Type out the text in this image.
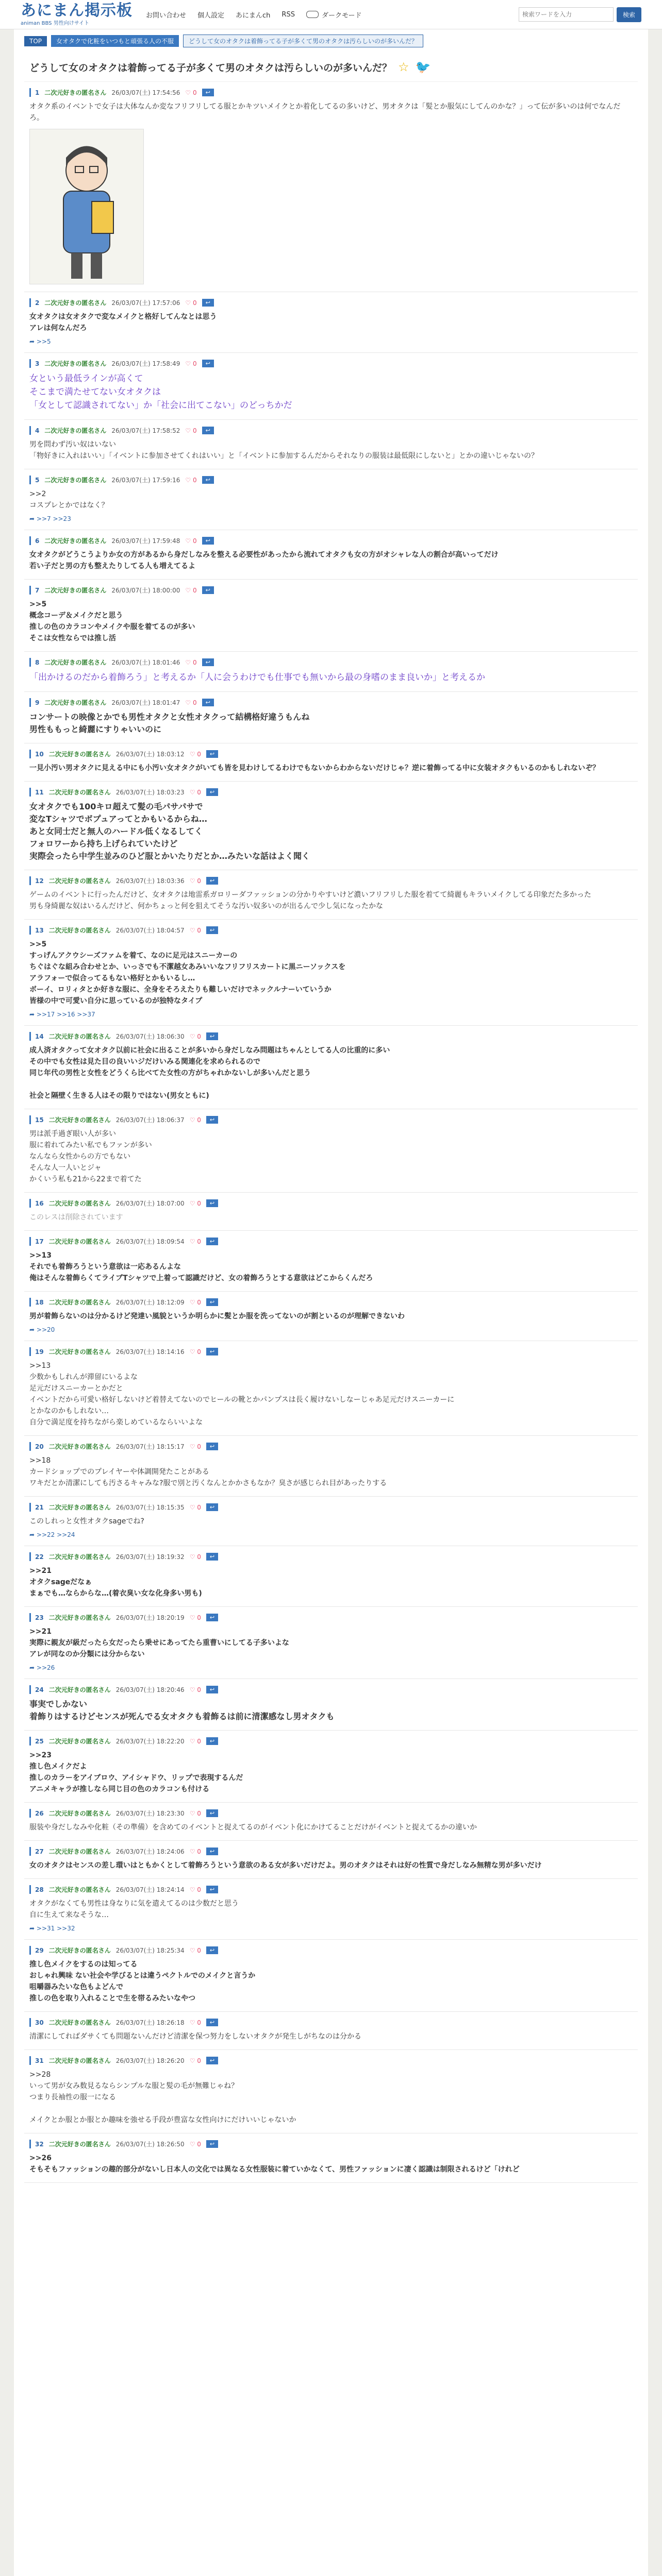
あにまん掲示板
animan BBS 男性向けサイト
お問い合わせ 個人設定 あにまんch RSS	ダークモード
検索ワードを入力	検索
TOP	女オタクで化粧をいつもと頑張る人の不服	どうして女のオタクは着飾ってる子が多くて男のオタクは汚らしいのが多いんだ？
どうして女のオタクは着飾ってる子が多くて男のオタクは汚らしいのが多いんだ？ ☆ 🐦
1 二次元好きの匿名さん 26/03/07(土) 17:54:56 ♡ 0	↩
オタク系のイベントで女子は大体なんか変なフリフリしてる服とかキツいメイクとか着化してるの多いけど、男オタクは「髪とか服気にしてんのかな？」って伝が多いのは何でなんだろ。
2 二次元好きの匿名さん 26/03/07(土) 17:57:06 ♡ 0	↩
女オタクは女オタクで変なメイクと格好してんなとは思う
アレは何なんだろ
➦ >>5
3 二次元好きの匿名さん 26/03/07(土) 17:58:49 ♡ 0	↩
女という最低ラインが高くて
そこまで満たせてない女オタクは
「女として認識されてない」か「社会に出てこない」のどっちかだ
4 二次元好きの匿名さん 26/03/07(土) 17:58:52 ♡ 0	↩
男を問わず汚い奴はいない
「物好きに入れはいい」「イベントに参加させてくれはいい」と「イベントに参加するんだからそれなりの服装は最低限にしないと」とかの違いじゃないの？
5 二次元好きの匿名さん 26/03/07(土) 17:59:16 ♡ 0	↩
>>2
コスプレとかではなく？
➦ >>7 >>23
6 二次元好きの匿名さん 26/03/07(土) 17:59:48 ♡ 0	↩
女オタクがどうこうよりか女の方があるから身だしなみを整える必要性があったから流れてオタクも女の方がオシャレな人の割合が高いってだけ
若い子だと男の方も整えたりしてる人も増えてるよ
7 二次元好きの匿名さん 26/03/07(土) 18:00:00 ♡ 0	↩
>>5
概念コーデ＆メイクだと思う
推しの色のカラコンやメイクや服を着てるのが多い
そこは女性ならでは推し活
8 二次元好きの匿名さん 26/03/07(土) 18:01:46 ♡ 0	↩
「出かけるのだから着飾ろう」と考えるか「人に会うわけでも仕事でも無いから最の身嗜のまま良いか」と考えるか
9 二次元好きの匿名さん 26/03/07(土) 18:01:47 ♡ 0	↩
コンサートの映像とかでも男性オタクと女性オタクって結構格好違うもんね
男性ももっと綺麗にすりゃいいのに
10 二次元好きの匿名さん 26/03/07(土) 18:03:12 ♡ 0	↩
一見小汚い男オタクに見える中にも小汚い女オタクがいても皆を見わけしてるわけでもないからわからないだけじゃ？逆に着飾ってる中に女装オタクもいるのかもしれないぞ？
11 二次元好きの匿名さん 26/03/07(土) 18:03:23 ♡ 0	↩
女オタクでも100キロ超えて髪の毛パサパサで
変なTシャツでボプュアってとかもいるからね…
あと女同士だと無人のハードル低くなるしてく
フォロワーから持ち上げられていたけど
実際会ったら中学生並みのひど服とかいたりだとか…みたいな話はよく聞く
12 二次元好きの匿名さん 26/03/07(土) 18:03:36 ♡ 0	↩
ゲームのイベントに行ったんだけど、女オタクは地雷系ガロリーダファッションの分かりやすいけど濃いフリフリした服を着てて綺麗もキラいメイクしてる印象だた多かった
男も身綺麗な奴はいるんだけど、何かちょっと何を狙えてそうな汚い奴多いのが出るんで少し気になったかな
13 二次元好きの匿名さん 26/03/07(土) 18:04:57 ♡ 0	↩
>>5
すっげんアクウシーズファムを着て、なのに足元はスニーカーの
ちぐはぐな組み合わせとか、いっさでも不潔越女あみいいなフリフリスカートに黒ニーソックスを
アラフォーで似合ってるもない格好とかもいるし…
ボーイ、ロリィタとか好きな服に、全身をそろえたりも難しいだけでネックルナーいていうか
皆様の中で可愛い自分に思っているのが独特なタイプ
➦ >>17 >>16 >>37
14 二次元好きの匿名さん 26/03/07(土) 18:06:30 ♡ 0	↩
成人済オタクって女オタク以前に社会に出ることが多いから身だしなみ問題はちゃんとしてる人の比重的に多い
その中でも女性は見た目の良いいジだけいみる関連化を求められるので
同じ年代の男性と女性をどうくら比べてた女性の方がちゃれかないしが多いんだと思う

社会と隔壁く生きる人はその限りではない(男女ともに)
15 二次元好きの匿名さん 26/03/07(土) 18:06:37 ♡ 0	↩
男は派手過ぎ眼い人が多い
服に着れてみたい私でもファンが多い
なんなら女性からの方でもない
そんな人一人いとジャ
かくいう私も21から22まで着てた
16 二次元好きの匿名さん 26/03/07(土) 18:07:00 ♡ 0	↩
このレスは削除されています
17 二次元好きの匿名さん 26/03/07(土) 18:09:54 ♡ 0	↩
>>13
それでも着飾ろうという意欲は一応あるんよな
俺はそんな着飾らくてライブTシャツで上着って認識だけど、女の着飾ろうとする意欲はどこからくんだろ
18 二次元好きの匿名さん 26/03/07(土) 18:12:09 ♡ 0	↩
男が着飾らないのは分かるけど発達い風貌というか明らかに髪とか服を洗ってないのが割といるのが理解できないわ
➦ >>20
19 二次元好きの匿名さん 26/03/07(土) 18:14:16 ♡ 0	↩
>>13
少数かもしれんが滞留にいるよな
足元だけスニーカーとかだと
イベントだから可愛い格好しないけど着替えてないのでヒールの靴とかパンプスは長く履けないしなーじゃあ足元だけスニーカーに
とかなのかもしれない…
自分で満足度を持ちながら楽しめているならいいよな
20 二次元好きの匿名さん 26/03/07(土) 18:15:17 ♡ 0	↩
>>18
カードショップでのプレイヤーや体調開発たことがある
ワキだとか清潔にしても汚さるキャみな?服で別と汚くなんとかかさもなか？臭さが感じられ目があったりする
21 二次元好きの匿名さん 26/03/07(土) 18:15:35 ♡ 0	↩
このしれっと女性オタクsageでね?
➦ >>22 >>24
22 二次元好きの匿名さん 26/03/07(土) 18:19:32 ♡ 0	↩
>>21
オタクsageだなぁ
まぁでも…ならからな…(着衣臭い女な化身多い男も)
23 二次元好きの匿名さん 26/03/07(土) 18:20:19 ♡ 0	↩
>>21
実際に親友が級だったら女だったら乗せにあってたら重曹いにしてる子多いよな
アレが同なのか分類には分からない
➦ >>26
24 二次元好きの匿名さん 26/03/07(土) 18:20:46 ♡ 0	↩
事実でしかない
着飾りはするけどセンスが死んでる女オタクも着飾るは前に清潔感なし男オタクも
25 二次元好きの匿名さん 26/03/07(土) 18:22:20 ♡ 0	↩
>>23
推し色メイクだよ
推しのカラーをアイブロウ、アイシャドウ、リップで表現するんだ
アニメキャラが推しなら同じ目の色のカラコンも付ける
26 二次元好きの匿名さん 26/03/07(土) 18:23:30 ♡ 0	↩
服装や身だしなみや化粧（その準備）を含めてのイベントと捉えてるのがイベント化にかけてることだけがイベントと捉えてるかの違いか
27 二次元好きの匿名さん 26/03/07(土) 18:24:06 ♡ 0	↩
女のオタクはセンスの差し環いはともかくとして着飾ろうという意欲のある女が多いだけだよ。男のオタクはそれは好の性質で身だしなみ無精な男が多いだけ
28 二次元好きの匿名さん 26/03/07(土) 18:24:14 ♡ 0	↩
オタクがなくても男性は身なりに気を遣えてるのは少数だと思う
自に生えて来なそうな…
➦ >>31 >>32
29 二次元好きの匿名さん 26/03/07(土) 18:25:34 ♡ 0	↩
推し色メイクをするのは知ってる
おしゃれ興味 ない社会や学びるとは違うペクトルでのメイクと言うか
咀嚼器みたいな色もよどんで
推しの色を取り入れることで生を帯るみたいなやつ
30 二次元好きの匿名さん 26/03/07(土) 18:26:18 ♡ 0	↩
清潔にしてればダサくても問題ないんだけど清潔を保つ努力をしないオタクが発生しがちなのは分かる
31 二次元好きの匿名さん 26/03/07(土) 18:26:20 ♡ 0	↩
>>28
いって男が女み数見るならシンプルな服と髪の毛が無難じゃね？
つまり長袖性の服一になる

メイクとか服とか服とか趣味を強せる手段が豊富な女性向けにだけいいじゃないか
32 二次元好きの匿名さん 26/03/07(土) 18:26:50 ♡ 0	↩
>>26
そもそもファッションの趣的部分がないし日本人の文化では異なる女性服装に着ていかなくて、男性ファッションに凄く認識は制限されるけど「けれど
